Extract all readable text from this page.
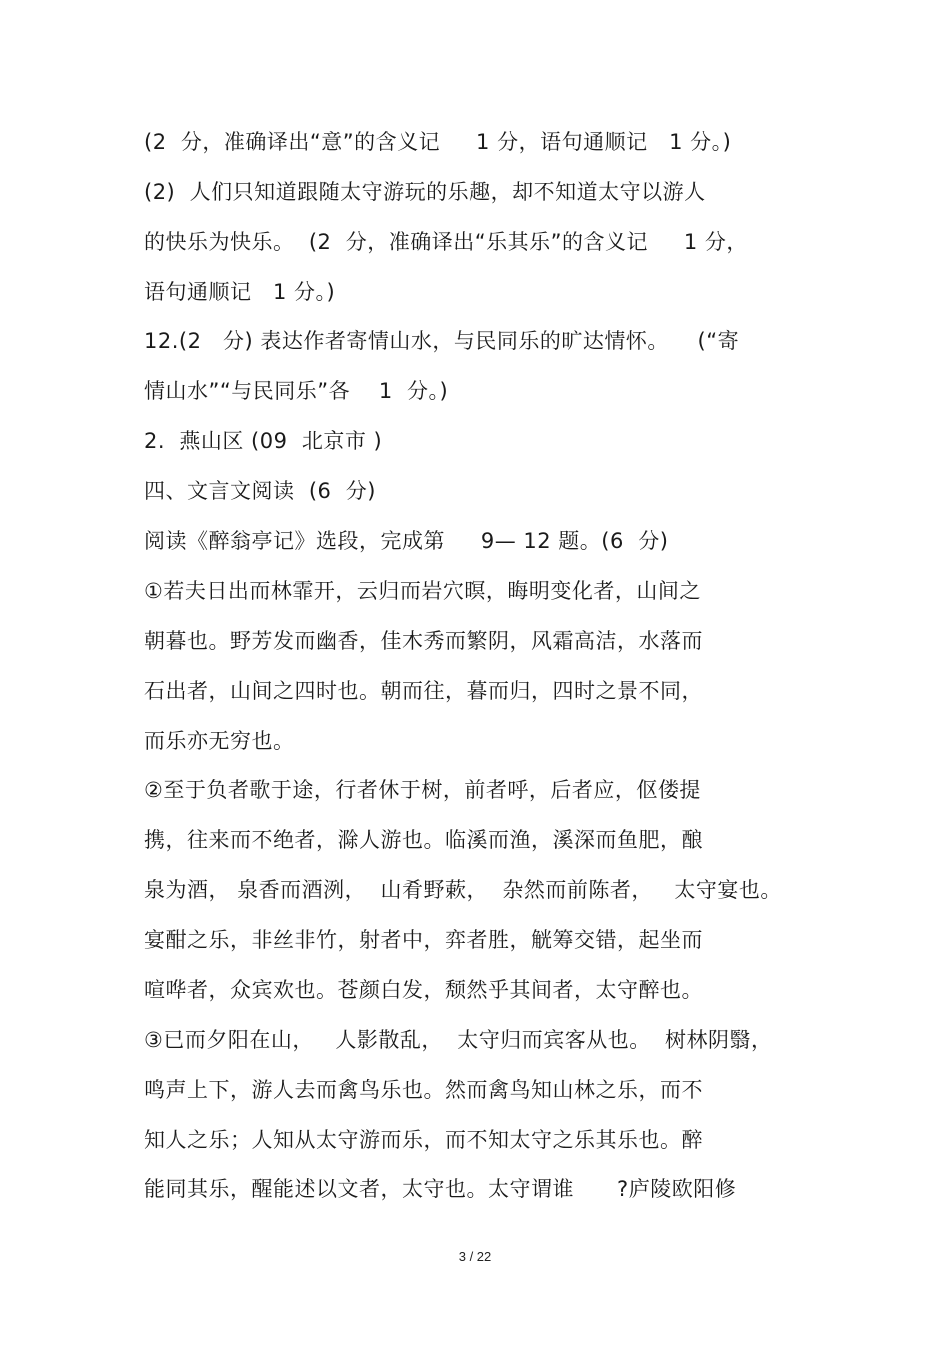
(2  分，准确译出“意”的含义记     1 分，语句通顺记   1 分。)
(2)  人们只知道跟随太守游玩的乐趣，却不知道太守以游人
的快乐为快乐。  (2  分，准确译出“乐其乐”的含义记     1 分，
语句通顺记   1 分。)
12.(2   分) 表达作者寄情山水，与民同乐的旷达情怀。    (“寄
情山水”“与民同乐”各    1  分。)
2.  燕山区 (09  北京市 )
四、文言文阅读  (6  分)
阅读《醉翁亭记》选段，完成第     9— 12 题。(6  分)
①若夫日出而林霏开，云归而岩穴暝，晦明变化者，山间之
朝暮也。野芳发而幽香，佳木秀而繁阴，风霜高洁，水落而
石出者，山间之四时也。朝而往，暮而归，四时之景不同，
而乐亦无穷也。
②至于负者歌于途，行者休于树，前者呼，后者应，伛偻提
携，往来而不绝者，滁人游也。临溪而渔，溪深而鱼肥，酿
泉为酒， 泉香而酒洌，  山肴野蔌，  杂然而前陈者，   太守宴也。
宴酣之乐，非丝非竹，射者中，弈者胜，觥筹交错，起坐而
喧哗者，众宾欢也。苍颜白发，颓然乎其间者，太守醉也。
③已而夕阳在山，   人影散乱，  太守归而宾客从也。  树林阴翳，
鸣声上下，游人去而禽鸟乐也。然而禽鸟知山林之乐，而不
知人之乐；人知从太守游而乐，而不知太守之乐其乐也。醉
能同其乐，醒能述以文者，太守也。太守谓谁      ?庐陵欧阳修
3 / 22
